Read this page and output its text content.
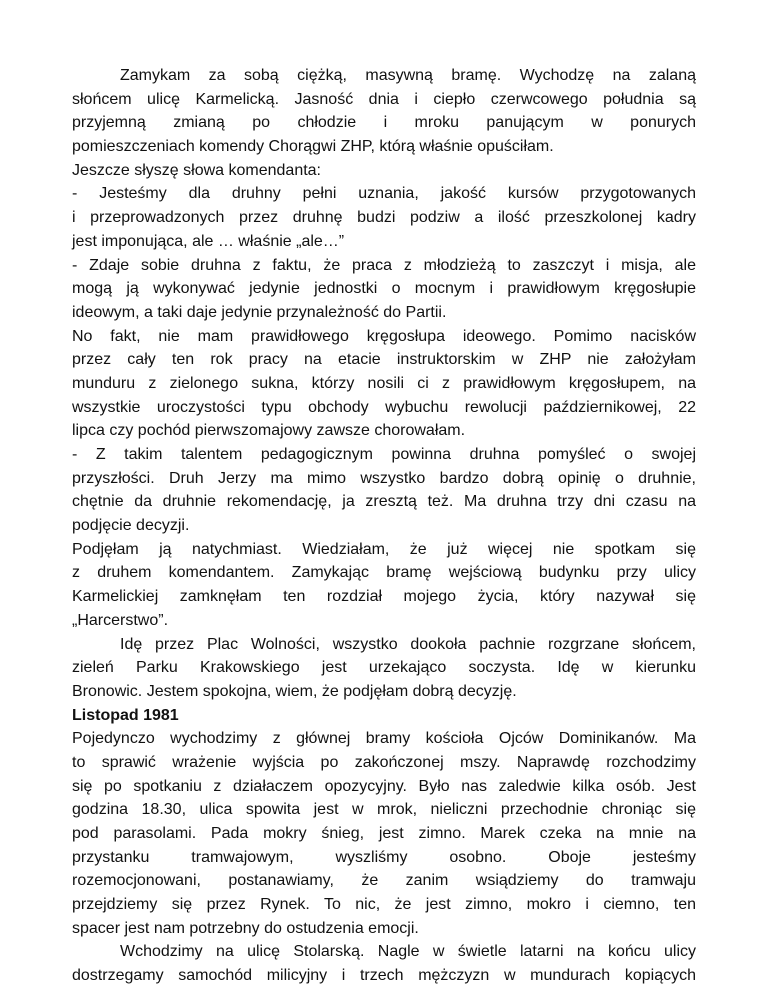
Zamykam za sobą ciężką, masywną bramę. Wychodzę na zalaną
słońcem ulicę Karmelicką. Jasność dnia i ciepło czerwcowego południa są
przyjemną zmianą po chłodzie i mroku panującym w ponurych
pomieszczeniach komendy Chorągwi ZHP, którą właśnie opuściłam.
Jeszcze słyszę słowa komendanta:
- Jesteśmy dla druhny pełni uznania, jakość kursów przygotowanych
i przeprowadzonych przez druhnę budzi podziw a ilość przeszkolonej kadry
jest imponująca, ale … właśnie „ale…”
- Zdaje sobie druhna z faktu, że praca z młodzieżą to zaszczyt i misja, ale
mogą ją wykonywać jedynie jednostki o mocnym i prawidłowym kręgosłupie
ideowym, a taki daje jedynie przynależność do Partii.
No fakt, nie mam prawidłowego kręgosłupa ideowego. Pomimo nacisków
przez cały ten rok pracy na etacie instruktorskim w ZHP nie założyłam
munduru z zielonego sukna, którzy nosili ci z prawidłowym kręgosłupem, na
wszystkie uroczystości typu obchody wybuchu rewolucji październikowej, 22
lipca czy pochód pierwszomajowy zawsze chorowałam.
- Z takim talentem pedagogicznym powinna druhna pomyśleć o swojej
przyszłości. Druh Jerzy ma mimo wszystko bardzo dobrą opinię o druhnie,
chętnie da druhnie rekomendację, ja zresztą też. Ma druhna trzy dni czasu na
podjęcie decyzji.
Podjęłam ją natychmiast. Wiedziałam, że już więcej nie spotkam się
z druhem komendantem. Zamykając bramę wejściową budynku przy ulicy
Karmelickiej zamknęłam ten rozdział mojego życia, który nazywał się
„Harcerstwo”.
Idę przez Plac Wolności, wszystko dookoła pachnie rozgrzane słońcem,
zieleń Parku Krakowskiego jest urzekająco soczysta. Idę w kierunku
Bronowic. Jestem spokojna, wiem, że podjęłam dobrą decyzję.
Listopad 1981
Pojedynczo wychodzimy z głównej bramy kościoła Ojców Dominikanów. Ma
to sprawić wrażenie wyjścia po zakończonej mszy. Naprawdę rozchodzimy
się po spotkaniu z działaczem opozycyjny. Było nas zaledwie kilka osób. Jest
godzina 18.30, ulica spowita jest w mrok, nieliczni przechodnie chroniąc się
pod parasolami. Pada mokry śnieg, jest zimno. Marek czeka na mnie na
przystanku tramwajowym, wyszliśmy osobno. Oboje jesteśmy
rozemocjonowani, postanawiamy, że zanim wsiądziemy do tramwaju
przejdziemy się przez Rynek. To nic, że jest zimno, mokro i ciemno, ten
spacer jest nam potrzebny do ostudzenia emocji.
Wchodzimy na ulicę Stolarską. Nagle w świetle latarni na końcu ulicy
dostrzegamy samochód milicyjny i trzech mężczyzn w mundurach kopiących
